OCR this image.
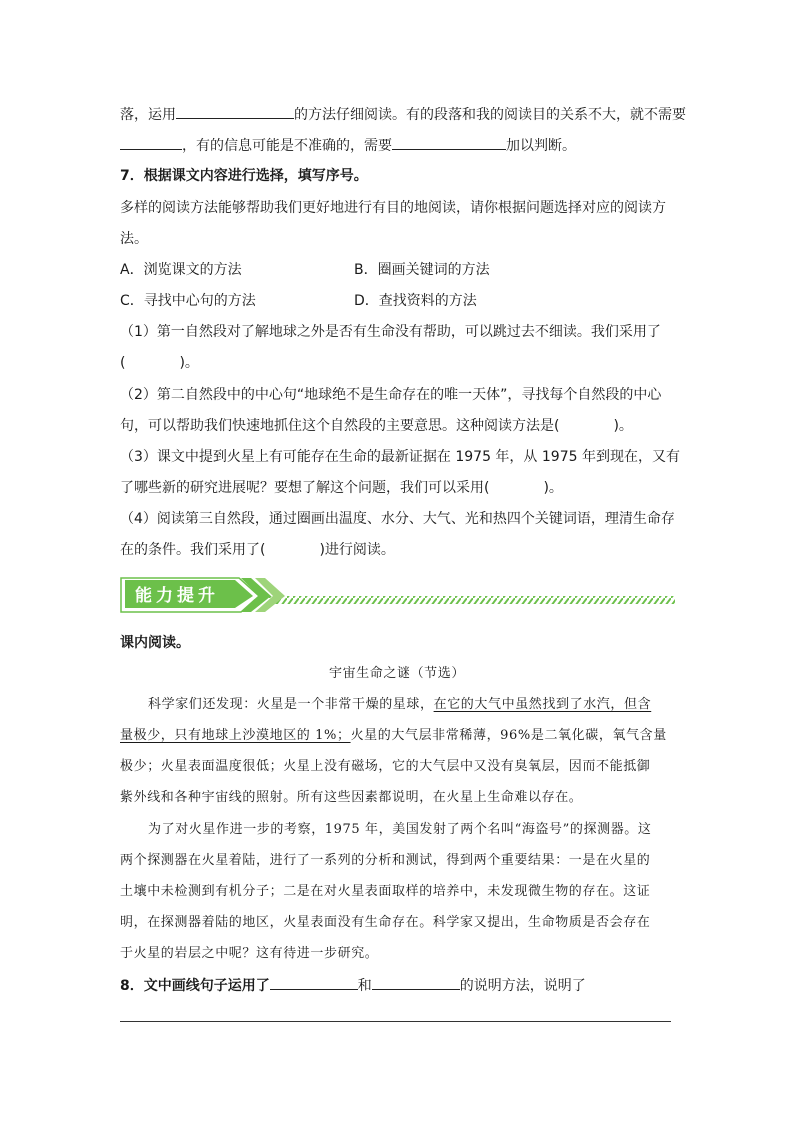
落，运用	的方法仔细阅读。有的段落和我的阅读目的关系不大，就不需要
，有的信息可能是不准确的，需要	加以判断。
7．根据课文内容进行选择，填写序号。
多样的阅读方法能够帮助我们更好地进行有目的地阅读，请你根据问题选择对应的阅读方
法。
A．浏览课文的方法	B．圈画关键词的方法
C．寻找中心句的方法	D．查找资料的方法
（1）第一自然段对了解地球之外是否有生命没有帮助，可以跳过去不细读。我们采用了
(	)。
（2）第二自然段中的中心句“地球绝不是生命存在的唯一天体”，寻找每个自然段的中心
句，可以帮助我们快速地抓住这个自然段的主要意思。这种阅读方法是(	)。
（3）课文中提到火星上有可能存在生命的最新证据在 1975 年，从 1975 年到现在，又有
了哪些新的研究进展呢？要想了解这个问题，我们可以采用(	)。
（4）阅读第三自然段，通过圈画出温度、水分、大气、光和热四个关键词语，理清生命存
在的条件。我们采用了(	)进行阅读。
能力提升
课内阅读。
宇宙生命之谜（节选）
科学家们还发现：火星是一个非常干燥的星球，在它的大气中虽然找到了水汽，但含
量极少，只有地球上沙漠地区的 1%；火星的大气层非常稀薄，96%是二氧化碳，氧气含量
极少；火星表面温度很低；火星上没有磁场，它的大气层中又没有臭氧层，因而不能抵御
紫外线和各种宇宙线的照射。所有这些因素都说明，在火星上生命难以存在。
为了对火星作进一步的考察，1975 年，美国发射了两个名叫“海盗号”的探测器。这
两个探测器在火星着陆，进行了一系列的分析和测试，得到两个重要结果：一是在火星的
土壤中未检测到有机分子；二是在对火星表面取样的培养中，未发现微生物的存在。这证
明，在探测器着陆的地区，火星表面没有生命存在。科学家又提出，生命物质是否会存在
于火星的岩层之中呢？这有待进一步研究。
8．文中画线句子运用了	和	的说明方法，说明了
